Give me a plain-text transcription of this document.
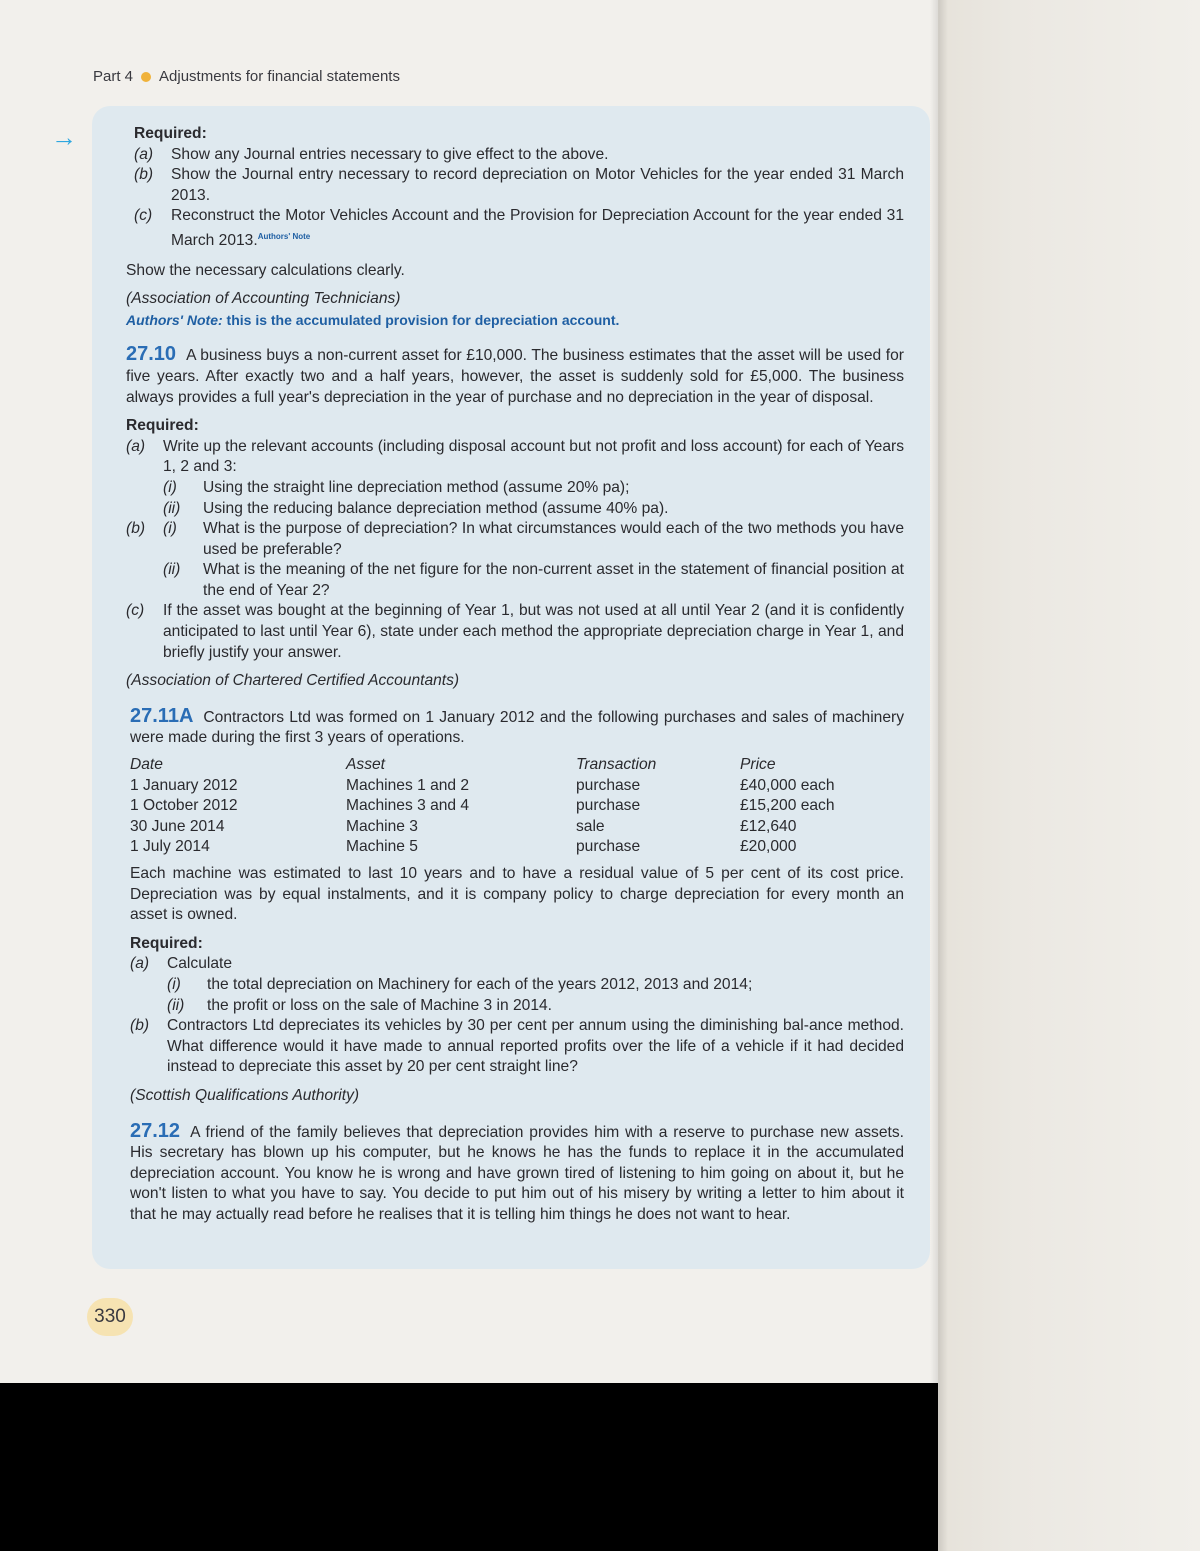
Part 4 Adjustments for financial statements
→	Required:

(a)	Show any Journal entries necessary to give effect to the above.
(b)	Show the Journal entry necessary to record depreciation on Motor Vehicles for the year ended 31 March 2013.
(c)	Reconstruct the Motor Vehicles Account and the Provision for Depreciation Account for the year ended 31 March 2013.$^{Authors' Note}$

Show the necessary calculations clearly.

(Association of Accounting Technicians)

Authors' Note: this is the accumulated provision for depreciation account.

27.10 A business buys a non-current asset for £10,000. The business estimates that the asset will be used for five years. After exactly two and a half years, however, the asset is suddenly sold for £5,000. The business always provides a full year's depreciation in the year of purchase and no depreciation in the year of disposal.

Required:

(a)	Write up the relevant accounts (including disposal account but not profit and loss account) for each of Years 1, 2 and 3:
(i)	Using the straight line depreciation method (assume 20% pa);
(ii)	Using the reducing balance depreciation method (assume 40% pa).
(b)	(i)	What is the purpose of depreciation? In what circumstances would each of the two methods you have used be preferable?
(ii)	What is the meaning of the net figure for the non-current asset in the statement of financial position at the end of Year 2?
(c)	If the asset was bought at the beginning of Year 1, but was not used at all until Year 2 (and it is confidently anticipated to last until Year 6), state under each method the appropriate depreciation charge in Year 1, and briefly justify your answer.

(Association of Chartered Certified Accountants)

27.11A Contractors Ltd was formed on 1 January 2012 and the following purchases and sales of machinery were made during the first 3 years of operations.

Date	Asset	Transaction	Price
1 January 2012	Machines 1 and 2	purchase	£40,000 each
1 October 2012	Machines 3 and 4	purchase	£15,200 each
30 June 2014	Machine 3	sale	£12,640
1 July 2014	Machine 5	purchase	£20,000

Each machine was estimated to last 10 years and to have a residual value of 5 per cent of its cost price. Depreciation was by equal instalments, and it is company policy to charge depreciation for every month an asset is owned.

Required:

(a)	Calculate
(i)	the total depreciation on Machinery for each of the years 2012, 2013 and 2014;
(ii)	the profit or loss on the sale of Machine 3 in 2014.
(b)	Contractors Ltd depreciates its vehicles by 30 per cent per annum using the diminishing bal-ance method. What difference would it have made to annual reported profits over the life of a vehicle if it had decided instead to depreciate this asset by 20 per cent straight line?

(Scottish Qualifications Authority)

27.12 A friend of the family believes that depreciation provides him with a reserve to purchase new assets. His secretary has blown up his computer, but he knows he has the funds to replace it in the accumulated depreciation account. You know he is wrong and have grown tired of listening to him going on about it, but he won't listen to what you have to say. You decide to put him out of his misery by writing a letter to him about it that he may actually read before he realises that it is telling him things he does not want to hear.

330
